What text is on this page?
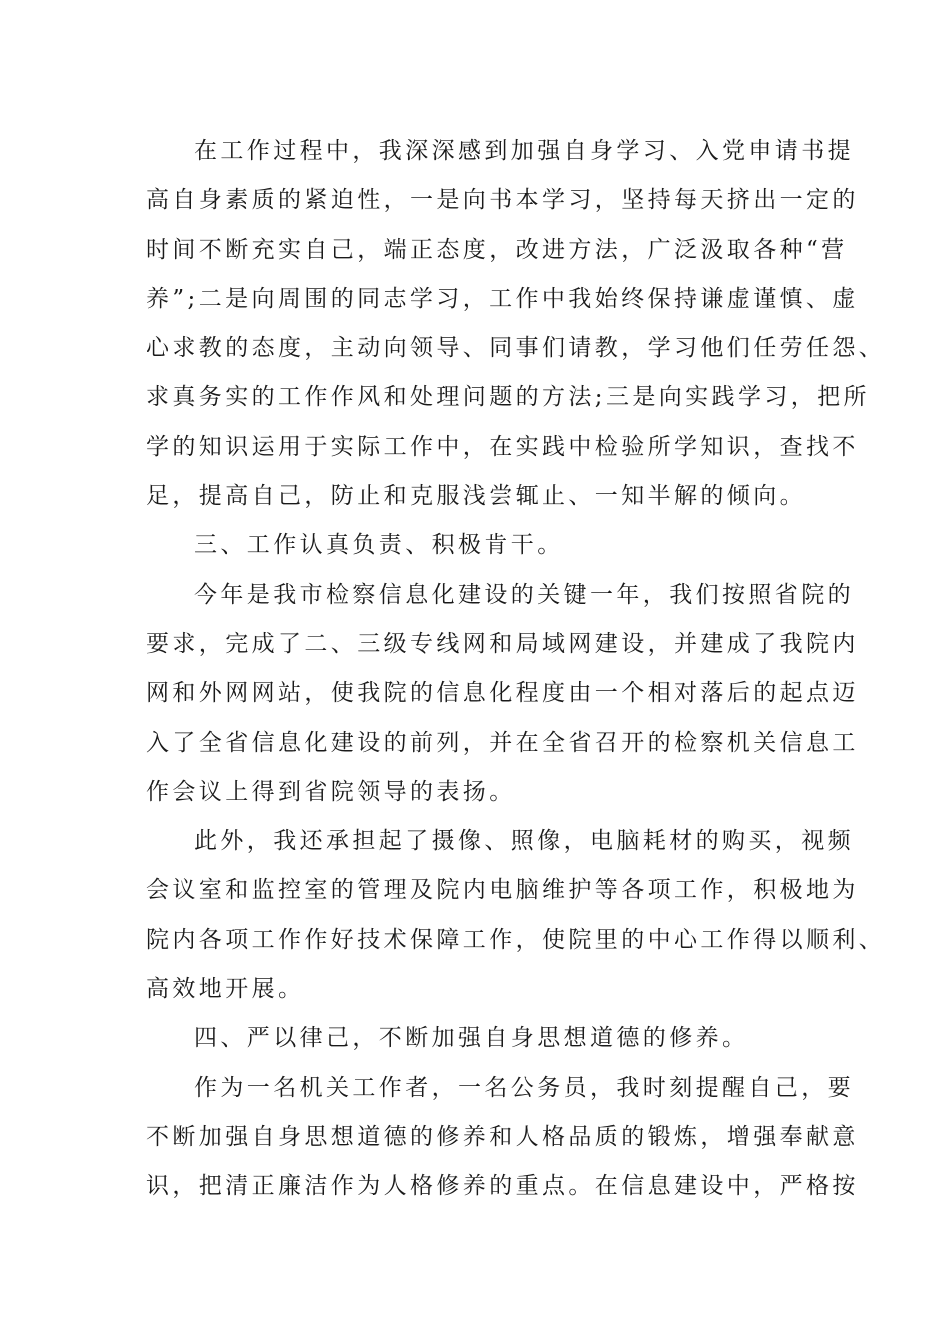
在工作过程中，我深深感到加强自身学习、入党申请书提
高自身素质的紧迫性，一是向书本学习，坚持每天挤出一定的
时间不断充实自己，端正态度，改进方法，广泛汲取各种“营
养”;二是向周围的同志学习，工作中我始终保持谦虚谨慎、虚
心求教的态度，主动向领导、同事们请教，学习他们任劳任怨、
求真务实的工作作风和处理问题的方法;三是向实践学习，把所
学的知识运用于实际工作中，在实践中检验所学知识，查找不
足，提高自己，防止和克服浅尝辄止、一知半解的倾向。
三、工作认真负责、积极肯干。
今年是我市检察信息化建设的关键一年，我们按照省院的
要求，完成了二、三级专线网和局域网建设，并建成了我院内
网和外网网站，使我院的信息化程度由一个相对落后的起点迈
入了全省信息化建设的前列，并在全省召开的检察机关信息工
作会议上得到省院领导的表扬。
此外，我还承担起了摄像、照像，电脑耗材的购买，视频
会议室和监控室的管理及院内电脑维护等各项工作，积极地为
院内各项工作作好技术保障工作，使院里的中心工作得以顺利、
高效地开展。
四、严以律己，不断加强自身思想道德的修养。
作为一名机关工作者，一名公务员，我时刻提醒自己，要
不断加强自身思想道德的修养和人格品质的锻炼，增强奉献意
识，把清正廉洁作为人格修养的重点。在信息建设中，严格按
